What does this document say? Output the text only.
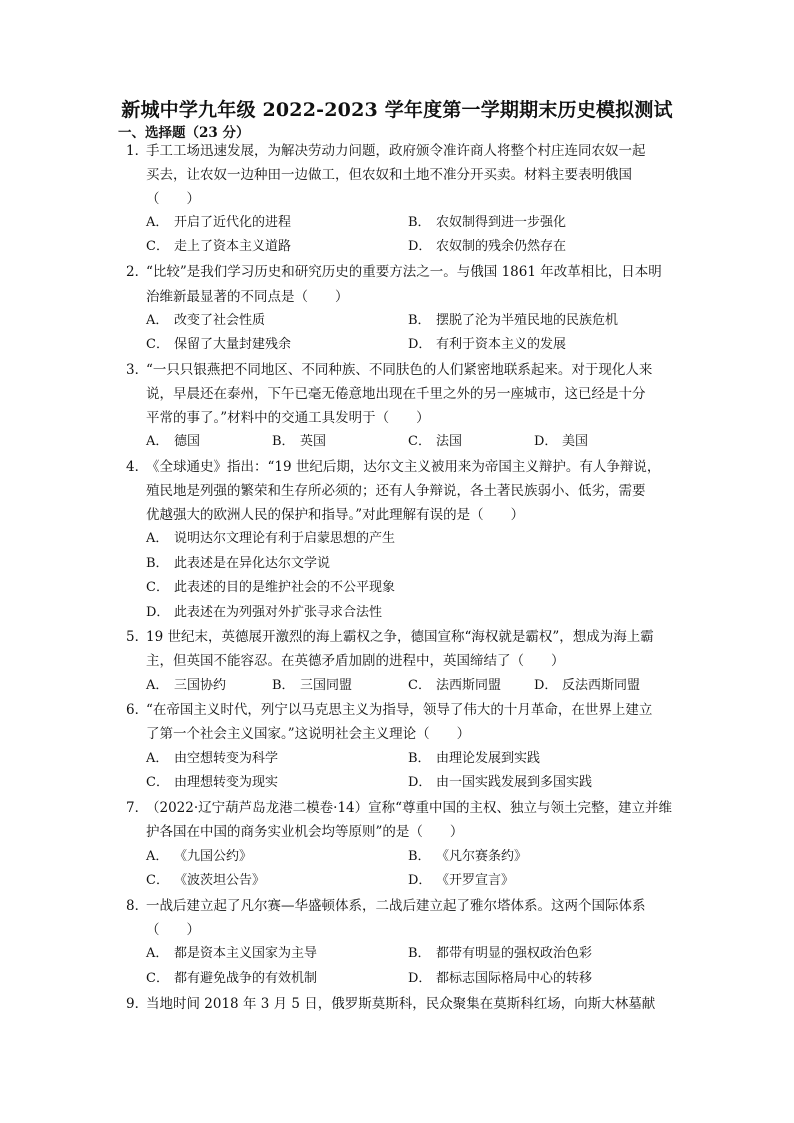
新城中学九年级 2022-2023 学年度第一学期期末历史模拟测试
一、选择题（23 分）
1．
手工工场迅速发展，为解决劳动力问题，政府颁令准许商人将整个村庄连同农奴一起
买去，让农奴一边种田一边做工，但农奴和土地不准分开买卖。材料主要表明俄国
（　　）
A． 开启了近代化的进程	B． 农奴制得到进一步强化
C． 走上了资本主义道路	D． 农奴制的残余仍然存在
2．
“比较”是我们学习历史和研究历史的重要方法之一。与俄国 1861 年改革相比，日本明
治维新最显著的不同点是（　　）
A． 改变了社会性质	B． 摆脱了沦为半殖民地的民族危机
C． 保留了大量封建残余	D． 有利于资本主义的发展
3．
“一只只银燕把不同地区、不同种族、不同肤色的人们紧密地联系起来。对于现化人来
说，早晨还在泰州，下午已毫无倦意地出现在千里之外的另一座城市，这已经是十分
平常的事了。”材料中的交通工具发明于（　　）
A． 德国	B． 英国	C． 法国	D． 美国
4．
《全球通史》指出：“19 世纪后期，达尔文主义被用来为帝国主义辩护。有人争辩说，
殖民地是列强的繁荣和生存所必须的；还有人争辩说，各土著民族弱小、低劣，需要
优越强大的欧洲人民的保护和指导。”对此理解有误的是（　　）
A． 说明达尔文理论有利于启蒙思想的产生
B． 此表述是在异化达尔文学说
C． 此表述的目的是维护社会的不公平现象
D． 此表述在为列强对外扩张寻求合法性
5．
19 世纪末，英德展开激烈的海上霸权之争，德国宣称“海权就是霸权”，想成为海上霸
主，但英国不能容忍。在英德矛盾加剧的进程中，英国缔结了（　　）
A． 三国协约	B． 三国同盟	C． 法西斯同盟	D． 反法西斯同盟
6．
“在帝国主义时代，列宁以马克思主义为指导，领导了伟大的十月革命，在世界上建立
了第一个社会主义国家。”这说明社会主义理论（　　）
A． 由空想转变为科学	B． 由理论发展到实践
C． 由理想转变为现实	D． 由一国实践发展到多国实践
7．
（2022·辽宁葫芦岛龙港二模卷·14）宣称“尊重中国的主权、独立与领土完整，建立并维
护各国在中国的商务实业机会均等原则”的是（　　）
A． 《九国公约》	B． 《凡尔赛条约》
C． 《波茨坦公告》	D． 《开罗宣言》
8．
一战后建立起了凡尔赛—华盛顿体系，二战后建立起了雅尔塔体系。这两个国际体系
（　　）
A． 都是资本主义国家为主导	B． 都带有明显的强权政治色彩
C． 都有避免战争的有效机制	D． 都标志国际格局中心的转移
9．
当地时间 2018 年 3 月 5 日，俄罗斯莫斯科，民众聚集在莫斯科红场，向斯大林墓献
